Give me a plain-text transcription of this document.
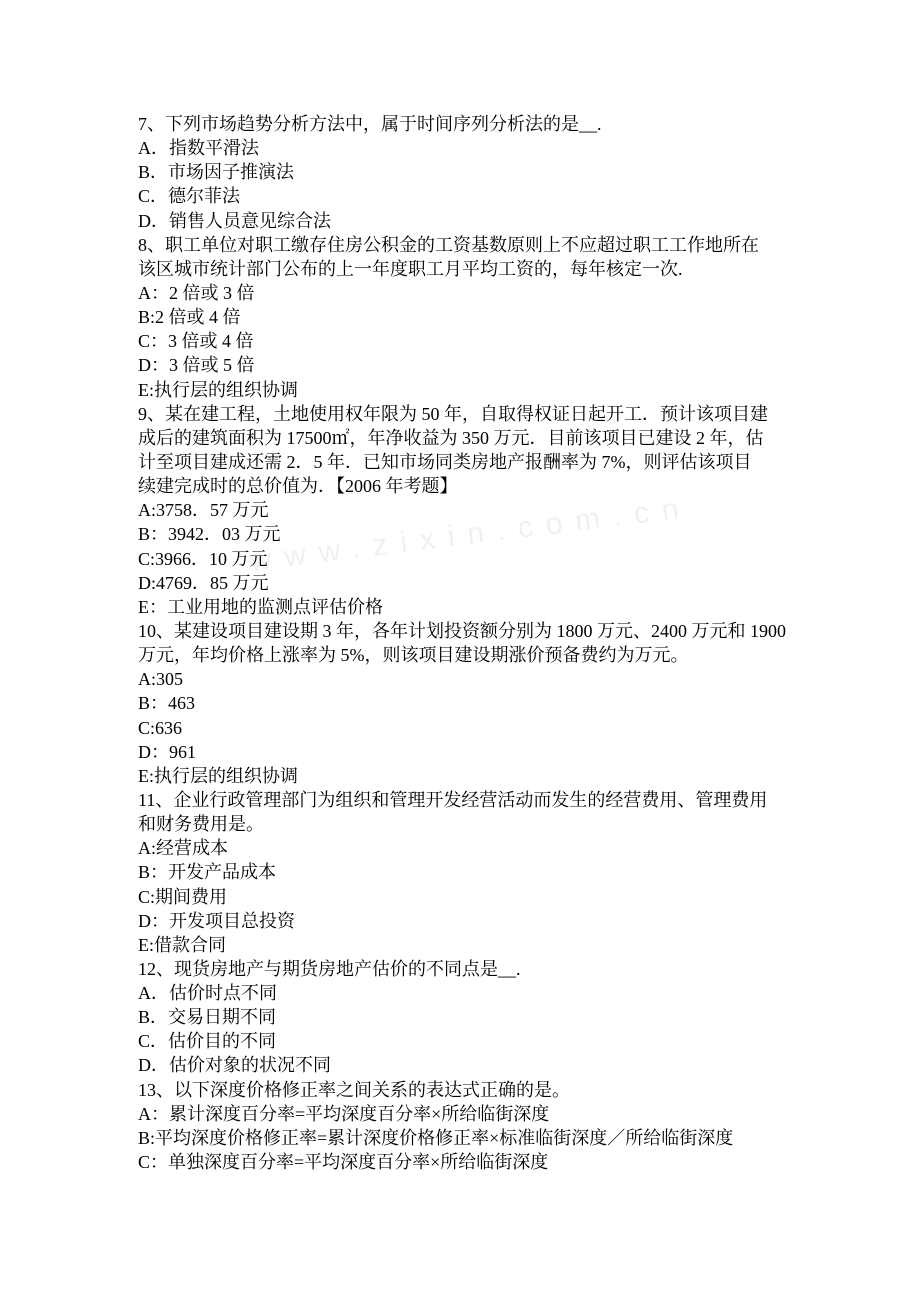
www.zixin.com.cn
7、下列市场趋势分析方法中，属于时间序列分析法的是__.
A．指数平滑法
B．市场因子推演法
C．德尔菲法
D．销售人员意见综合法
8、职工单位对职工缴存住房公积金的工资基数原则上不应超过职工工作地所在
该区城市统计部门公布的上一年度职工月平均工资的，每年核定一次.
A：2 倍或 3 倍
B:2 倍或 4 倍
C：3 倍或 4 倍
D：3 倍或 5 倍
E:执行层的组织协调
9、某在建工程，土地使用权年限为 50 年，自取得权证日起开工．预计该项目建
成后的建筑面积为 17500㎡，年净收益为 350 万元．目前该项目已建设 2 年，估
计至项目建成还需 2．5 年．已知市场同类房地产报酬率为 7%，则评估该项目
续建完成时的总价值为．【2006 年考题】
A:3758．57 万元
B：3942．03 万元
C:3966．10 万元
D:4769．85 万元
E：工业用地的监测点评估价格
10、某建设项目建设期 3 年，各年计划投资额分别为 1800 万元、2400 万元和 1900
万元，年均价格上涨率为 5%，则该项目建设期涨价预备费约为万元。
A:305
B：463
C:636
D：961
E:执行层的组织协调
11、企业行政管理部门为组织和管理开发经营活动而发生的经营费用、管理费用
和财务费用是。
A:经营成本
B：开发产品成本
C:期间费用
D：开发项目总投资
E:借款合同
12、现货房地产与期货房地产估价的不同点是__.
A．估价时点不同
B．交易日期不同
C．估价目的不同
D．估价对象的状况不同
13、以下深度价格修正率之间关系的表达式正确的是。
A：累计深度百分率=平均深度百分率×所给临街深度
B:平均深度价格修正率=累计深度价格修正率×标准临街深度／所给临街深度
C：单独深度百分率=平均深度百分率×所给临街深度
